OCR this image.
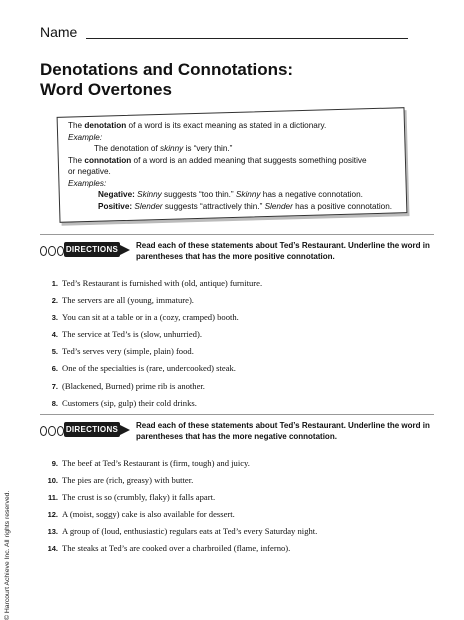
Name
Denotations and Connotations:
Word Overtones
The denotation of a word is its exact meaning as stated in a dictionary.
Example:
The denotation of skinny is “very thin.”
The connotation of a word is an added meaning that suggests something positive
or negative.
Examples:
Negative: Skinny suggests “too thin.” Skinny has a negative connotation.
Positive: Slender suggests “attractively thin.” Slender has a positive connotation.
DIRECTIONS Read each of these statements about Ted’s Restaurant. Underline the word in parentheses that has the more positive connotation.
1. Ted’s Restaurant is furnished with (old, antique) furniture.
2. The servers are all (young, immature).
3. You can sit at a table or in a (cozy, cramped) booth.
4. The service at Ted’s is (slow, unhurried).
5. Ted’s serves very (simple, plain) food.
6. One of the specialties is (rare, undercooked) steak.
7. (Blackened, Burned) prime rib is another.
8. Customers (sip, gulp) their cold drinks.
DIRECTIONS Read each of these statements about Ted’s Restaurant. Underline the word in parentheses that has the more negative connotation.
9. The beef at Ted’s Restaurant is (firm, tough) and juicy.
10. The pies are (rich, greasy) with butter.
11. The crust is so (crumbly, flaky) it falls apart.
12. A (moist, soggy) cake is also available for dessert.
13. A group of (loud, enthusiastic) regulars eats at Ted’s every Saturday night.
14. The steaks at Ted’s are cooked over a charbroiled (flame, inferno).
© Harcourt Achieve Inc. All rights reserved.
